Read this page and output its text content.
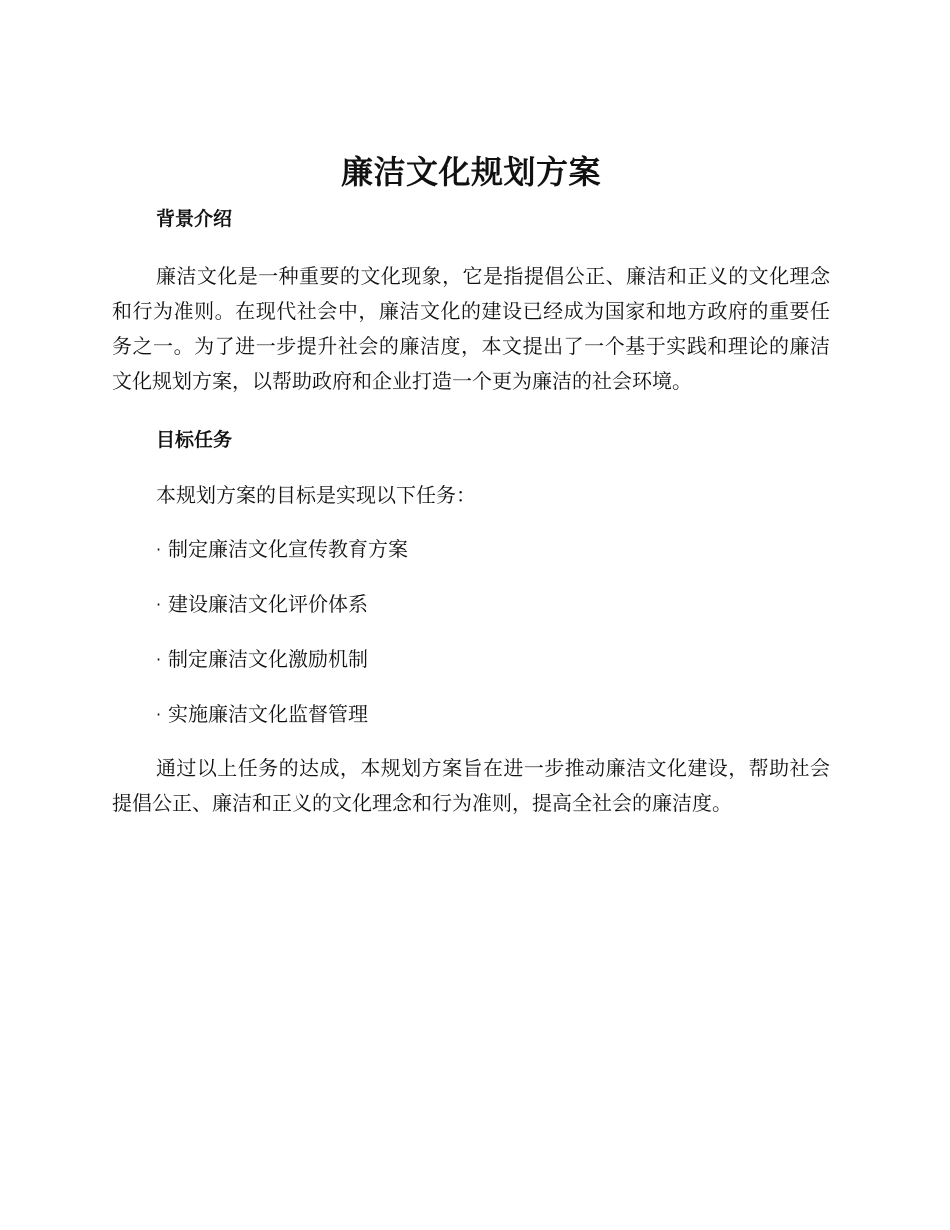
廉洁文化规划方案
背景介绍

廉洁文化是一种重要的文化现象，它是指提倡公正、廉洁和正义的文化理念和行为准则。在现代社会中，廉洁文化的建设已经成为国家和地方政府的重要任务之一。为了进一步提升社会的廉洁度，本文提出了一个基于实践和理论的廉洁文化规划方案，以帮助政府和企业打造一个更为廉洁的社会环境。

目标任务

本规划方案的目标是实现以下任务：

· 制定廉洁文化宣传教育方案
· 建设廉洁文化评价体系
· 制定廉洁文化激励机制
· 实施廉洁文化监督管理

通过以上任务的达成，本规划方案旨在进一步推动廉洁文化建设，帮助社会提倡公正、廉洁和正义的文化理念和行为准则，提高全社会的廉洁度。
